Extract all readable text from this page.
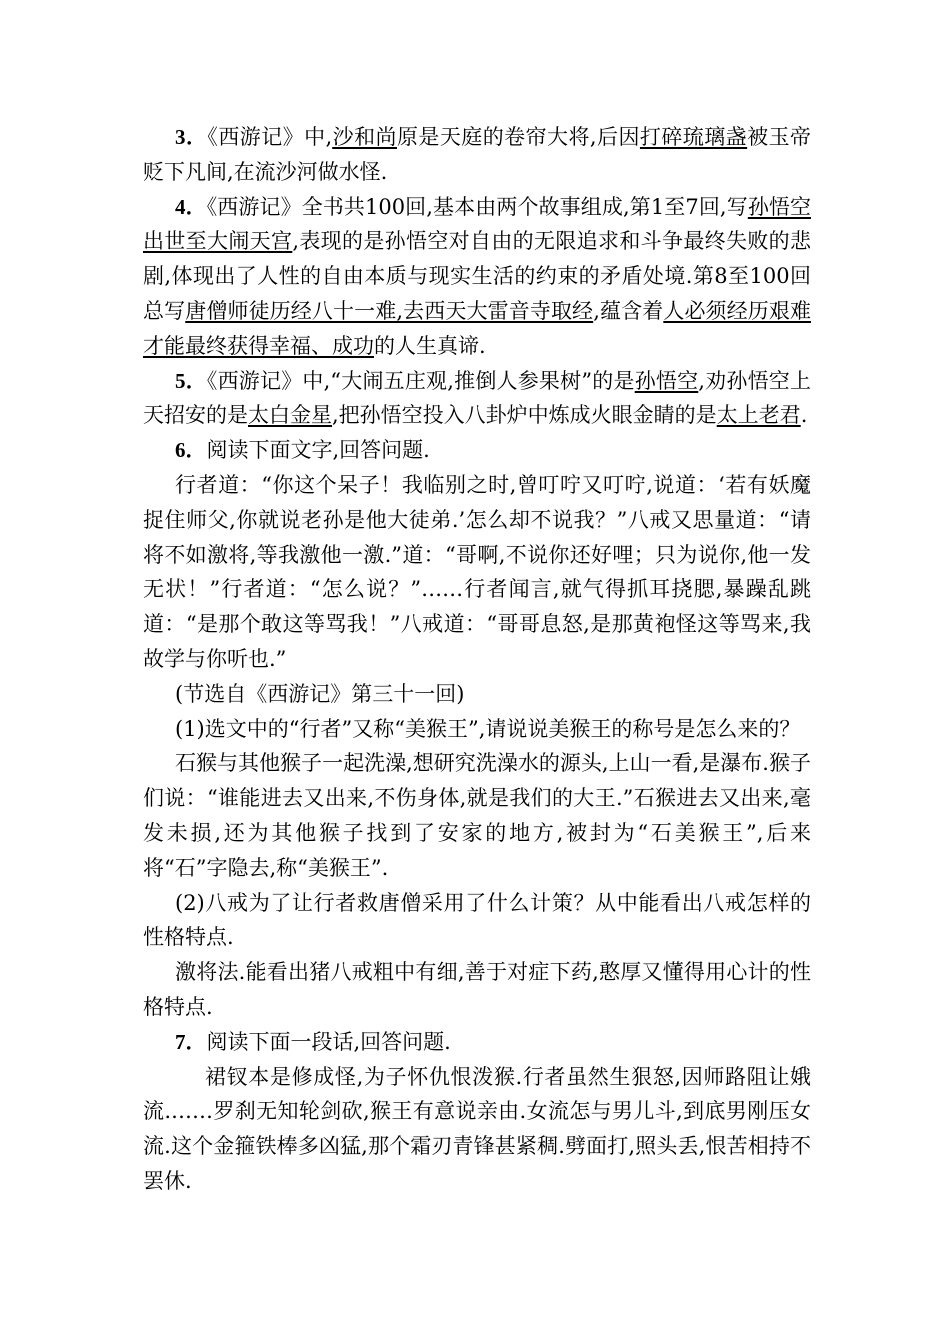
3．《西游记》中,沙和尚原是天庭的卷帘大将,后因打碎琉璃盏被玉帝贬下凡间,在流沙河做水怪.

4．《西游记》全书共100回,基本由两个故事组成,第1至7回,写孙悟空出世至大闹天宫,表现的是孙悟空对自由的无限追求和斗争最终失败的悲剧,体现出了人性的自由本质与现实生活的约束的矛盾处境.第8至100回总写唐僧师徒历经八十一难,去西天大雷音寺取经,蕴含着人必须经历艰难才能最终获得幸福、成功的人生真谛.

5．《西游记》中,“大闹五庄观,推倒人参果树”的是孙悟空,劝孙悟空上天招安的是太白金星,把孙悟空投入八卦炉中炼成火眼金睛的是太上老君.

6．阅读下面文字,回答问题.

行者道：“你这个呆子！我临别之时,曾叮咛又叮咛,说道：‘若有妖魔捉住师父,你就说老孙是他大徒弟.’怎么却不说我？”八戒又思量道：“请将不如激将,等我激他一激.”道：“哥啊,不说你还好哩；只为说你,他一发无状！”行者道：“怎么说？”……行者闻言,就气得抓耳挠腮,暴躁乱跳道：“是那个敢这等骂我！”八戒道：“哥哥息怒,是那黄袍怪这等骂来,我故学与你听也.”

(节选自《西游记》第三十一回)

(1)选文中的“行者”又称“美猴王”,请说说美猴王的称号是怎么来的？

石猴与其他猴子一起洗澡,想研究洗澡水的源头,上山一看,是瀑布.猴子们说：“谁能进去又出来,不伤身体,就是我们的大王.”石猴进去又出来,毫发未损,还为其他猴子找到了安家的地方,被封为“石美猴王”,后来将“石”字隐去,称“美猴王”.

(2)八戒为了让行者救唐僧采用了什么计策？从中能看出八戒怎样的性格特点.

激将法.能看出猪八戒粗中有细,善于对症下药,憨厚又懂得用心计的性格特点.

7．阅读下面一段话,回答问题.

裙钗本是修成怪,为子怀仇恨泼猴.行者虽然生狠怒,因师路阻让娥流.……罗刹无知轮剑砍,猴王有意说亲由.女流怎与男儿斗,到底男刚压女流.这个金箍铁棒多凶猛,那个霜刃青锋甚紧稠.劈面打,照头丢,恨苦相持不罢休.
